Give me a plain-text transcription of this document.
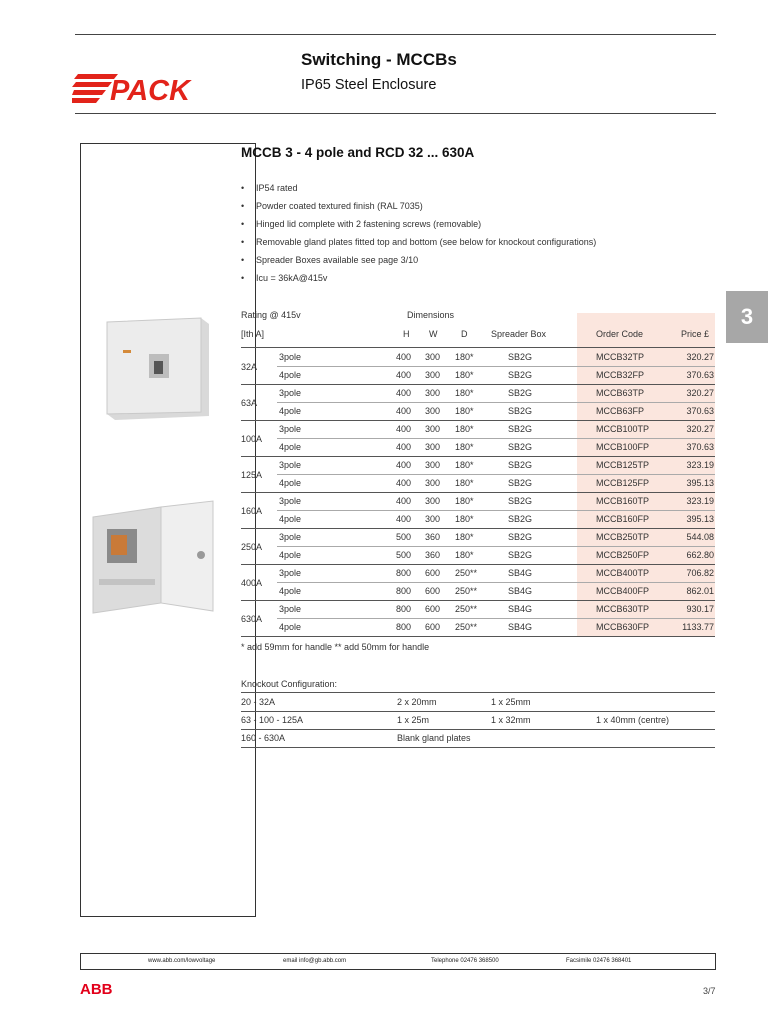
PACK
Switching - MCCBs
IP65 Steel Enclosure
3
MCCB 3 - 4 pole and RCD 32 ... 630A
• IP54 rated
• Powder coated textured finish (RAL 7035)
• Hinged lid complete with 2 fastening screws (removable)
• Removable gland plates fitted top and bottom (see below for knockout configurations)
• Spreader Boxes available see page 3/10
• Icu = 36kA@415v
Rating @ 415v	Dimensions
[Ith A]	H W	D	Spreader Box	Order Code	Price £
32A
3pole	400 300 180*	SB2G	MCCB32TP	320.27
4pole	400 300 180*	SB2G	MCCB32FP	370.63
63A
3pole	400 300 180*	SB2G	MCCB63TP	320.27
4pole	400 300 180*	SB2G	MCCB63FP	370.63
100A
3pole	400 300 180*	SB2G	MCCB100TP	320.27
4pole	400 300 180*	SB2G	MCCB100FP	370.63
125A
3pole	400 300 180*	SB2G	MCCB125TP	323.19
4pole	400 300 180*	SB2G	MCCB125FP	395.13
160A
3pole	400 300 180*	SB2G	MCCB160TP	323.19
4pole	400 300 180*	SB2G	MCCB160FP	395.13
250A
3pole	500 360 180*	SB2G	MCCB250TP	544.08
4pole	500 360 180*	SB2G	MCCB250FP	662.80
400A
3pole	800 600 250**	SB4G	MCCB400TP	706.82
4pole	800 600 250**	SB4G	MCCB400FP	862.01
630A
3pole	800 600 250**	SB4G	MCCB630TP	930.17
4pole	800 600 250**	SB4G	MCCB630FP	1133.77
* add 59mm for handle ** add 50mm for handle
Knockout Configuration:
20 - 32A	2 x 20mm	1 x 25mm
63 - 100 - 125A	1 x 25m	1 x 32mm	1 x 40mm (centre)
160 - 630A	Blank gland plates
www.abb.com/lowvoltage	email info@gb.abb.com	Telephone 02476 368500	Facsimile 02476 368401
ABB	3/7
